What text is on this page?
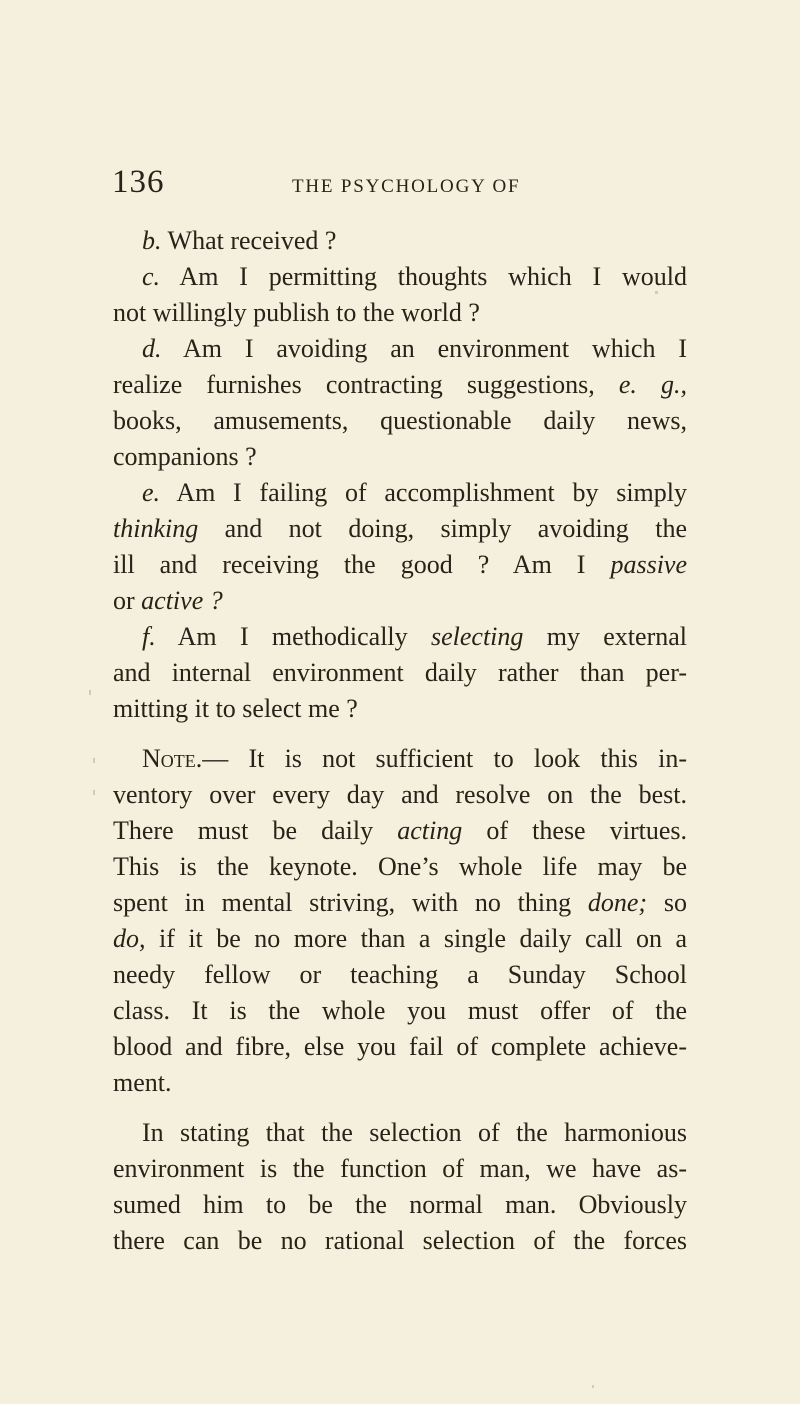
136	THE PSYCHOLOGY OF
b. What received ?
c. Am I permitting thoughts which I would
not willingly publish to the world ?
d. Am I avoiding an environment which I
realize furnishes contracting suggestions, e. g.,
books, amusements, questionable daily news,
companions ?
e. Am I failing of accomplishment by simply
thinking and not doing, simply avoiding the
ill and receiving the good ? Am I passive
or active ?
f. Am I methodically selecting my external
and internal environment daily rather than per-
mitting it to select me ?
Note.— It is not sufficient to look this in-
ventory over every day and resolve on the best.
There must be daily acting of these virtues.
This is the keynote. One’s whole life may be
spent in mental striving, with no thing done; so
do, if it be no more than a single daily call on a
needy fellow or teaching a Sunday School
class. It is the whole you must offer of the
blood and fibre, else you fail of complete achieve-
ment.
In stating that the selection of the harmonious
environment is the function of man, we have as-
sumed him to be the normal man. Obviously
there can be no rational selection of the forces
